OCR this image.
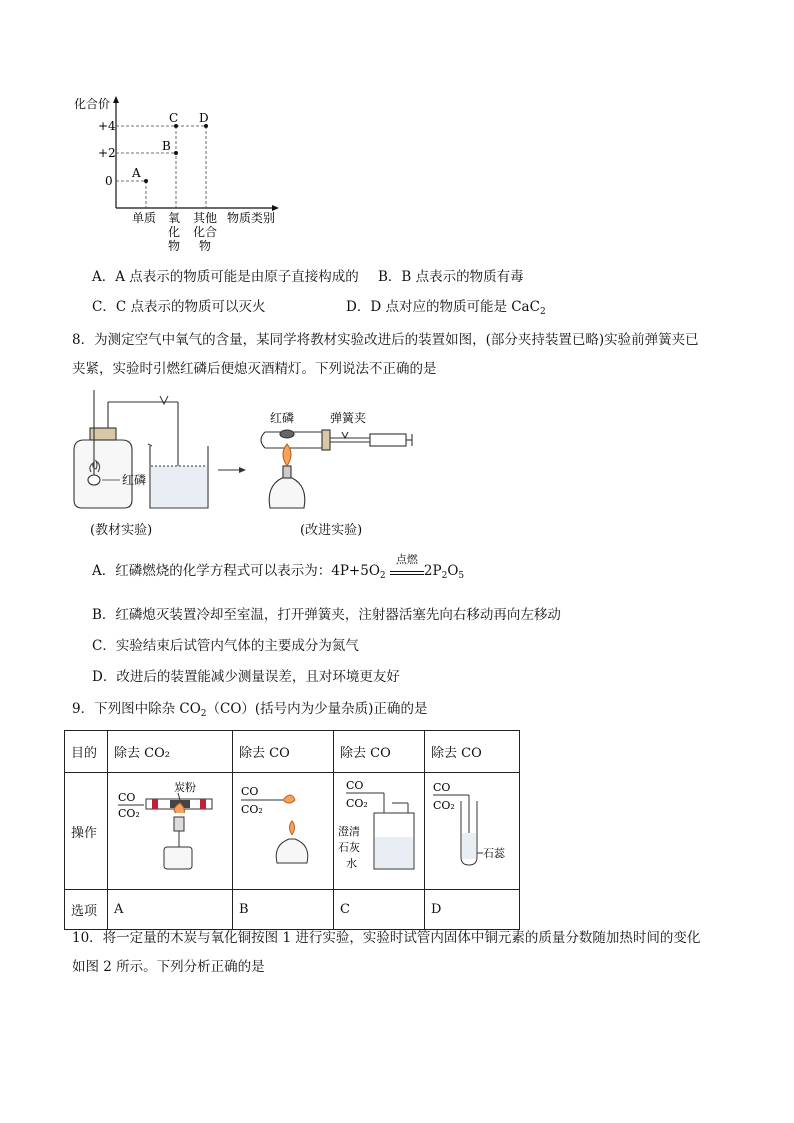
化合价
+4
+2
0
A
B
C D
单质 氧
化
物
其他
化合
物
物质类别
A．A 点表示的物质可能是由原子直接构成的 B．B 点表示的物质有毒
C．C 点表示的物质可以灭火	D．D 点对应的物质可能是 CaC$_2$
8．为测定空气中氧气的含量，某同学将教材实验改进后的装置如图，(部分夹持装置已略)实验前弹簧夹已
夹紧，实验时引燃红磷后便熄灭酒精灯。下列说法不正确的是
红磷
红磷	弹簧夹
(教材实验)	(改进实验)
A．红磷燃烧的化学方程式可以表示为：$4P+5O_2$
点燃
$2P_2O_5$
B．红磷熄灭装置冷却至室温，打开弹簧夹，注射器活塞先向右移动再向左移动
C．实验结束后试管内气体的主要成分为氮气
D．改进后的装置能减少测量误差，且对环境更友好
9．下列图中除杂 $CO_2(CO)$(括号内为少量杂质)正确的是
目的	除去 CO₂	除去 CO	除去 CO	除去 CO
操作	CO
CO₂
炭粉	CO
CO₂	CO
CO₂
澄清
石灰
水	CO
CO₂
石蕊

选项	A	B	C	D
10．将一定量的木炭与氧化铜按图 1 进行实验，实验时试管内固体中铜元素的质量分数随加热时间的变化
如图 2 所示。下列分析正确的是
